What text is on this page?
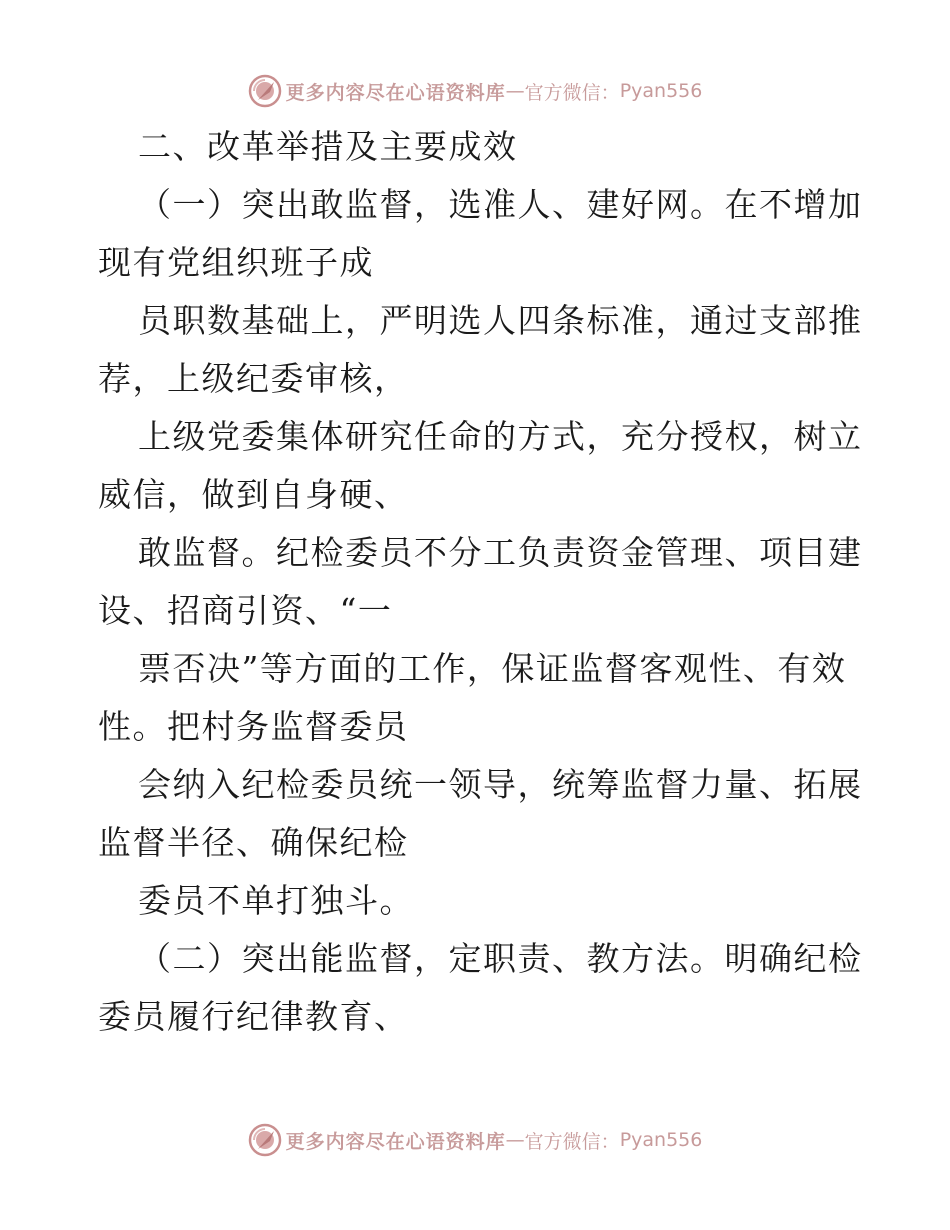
更多内容尽在心语资料库 — 官方微信： Pyan556
二、改革举措及主要成效
（一）突出敢监督，选准人、建好网。在不增加
现有党组织班子成
员职数基础上，严明选人四条标准，通过支部推
荐，上级纪委审核，
上级党委集体研究任命的方式，充分授权，树立
威信，做到自身硬、
敢监督。纪检委员不分工负责资金管理、项目建
设、招商引资、“一
票否决”等方面的工作，保证监督客观性、有效
性。把村务监督委员
会纳入纪检委员统一领导，统筹监督力量、拓展
监督半径、确保纪检
委员不单打独斗。
（二）突出能监督，定职责、教方法。明确纪检
委员履行纪律教育、
更多内容尽在心语资料库 — 官方微信： Pyan556
